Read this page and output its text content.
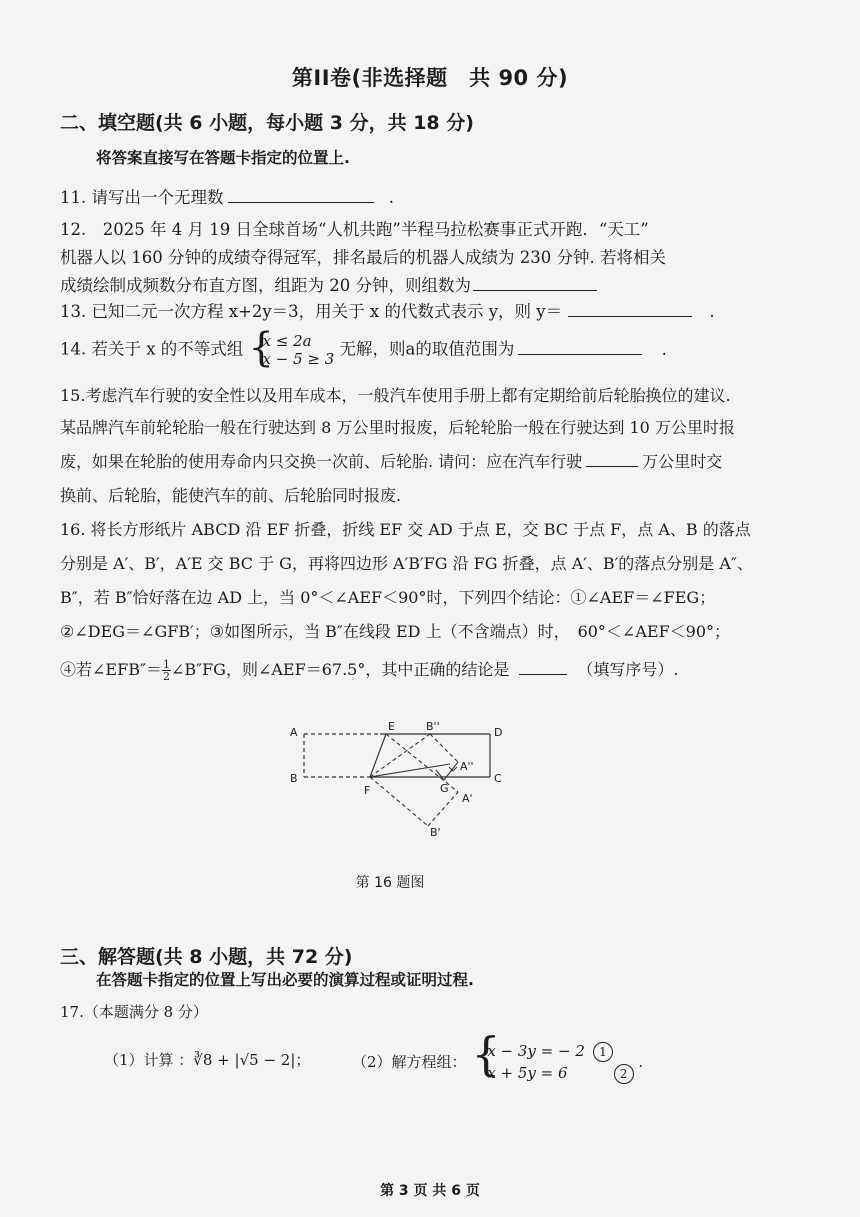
第II卷(非选择题　共 90 分)
二、填空题(共 6 小题，每小题 3 分，共 18 分)
将答案直接写在答题卡指定的位置上.
11. 请写出一个无理数	.
12.　2025 年 4 月 19 日全球首场“人机共跑”半程马拉松赛事正式开跑．“天工”
机器人以 160 分钟的成绩夺得冠军，排名最后的机器人成绩为 230 分钟. 若将相关
成绩绘制成频数分布直方图，组距为 20 分钟，则组数为
13. 已知二元一次方程 x+2y＝3，用关于 x 的代数式表示 y，则 y＝	.
14. 若关于 x 的不等式组 {
x ≤ 2a
x − 5 ≥ 3
无解，则a的取值范围为	.
15.考虑汽车行驶的安全性以及用车成本，一般汽车使用手册上都有定期给前后轮胎换位的建议.
某品牌汽车前轮轮胎一般在行驶达到 8 万公里时报废，后轮轮胎一般在行驶达到 10 万公里时报
废，如果在轮胎的使用寿命内只交换一次前、后轮胎. 请问：应在汽车行驶	万公里时交
换前、后轮胎，能使汽车的前、后轮胎同时报废.
16. 将长方形纸片 ABCD 沿 EF 折叠，折线 EF 交 AD 于点 E，交 BC 于点 F，点 A、B 的落点
分别是 A′、B′，A′E 交 BC 于 G，再将四边形 A′B′FG 沿 FG 折叠，点 A′、B′的落点分别是 A″、
B″，若 B″恰好落在边 AD 上，当 0°＜∠AEF＜90°时，下列四个结论：①∠AEF＝∠FEG；
②∠DEG＝∠GFB′；③如图所示，当 B″在线段 ED 上（不含端点）时，　60°＜∠AEF＜90°；
④若∠EFB″＝ $\frac{1}{2}$ ∠B″FG，则∠AEF＝67.5°，其中正确的结论是	（填写序号）.
A
B	C
D
E
F	G
A'
B'
A''
B''
第 16 题图
三、解答题(共 8 小题，共 72 分)
在答题卡指定的位置上写出必要的演算过程或证明过程.
17.（本题满分 8 分）
（1）计算 ：∛8 + |√5 − 2|；	（2）解方程组： {
x − 3y = − 2 1
x + 5y = 6	2
.
第 3 页 共 6 页
